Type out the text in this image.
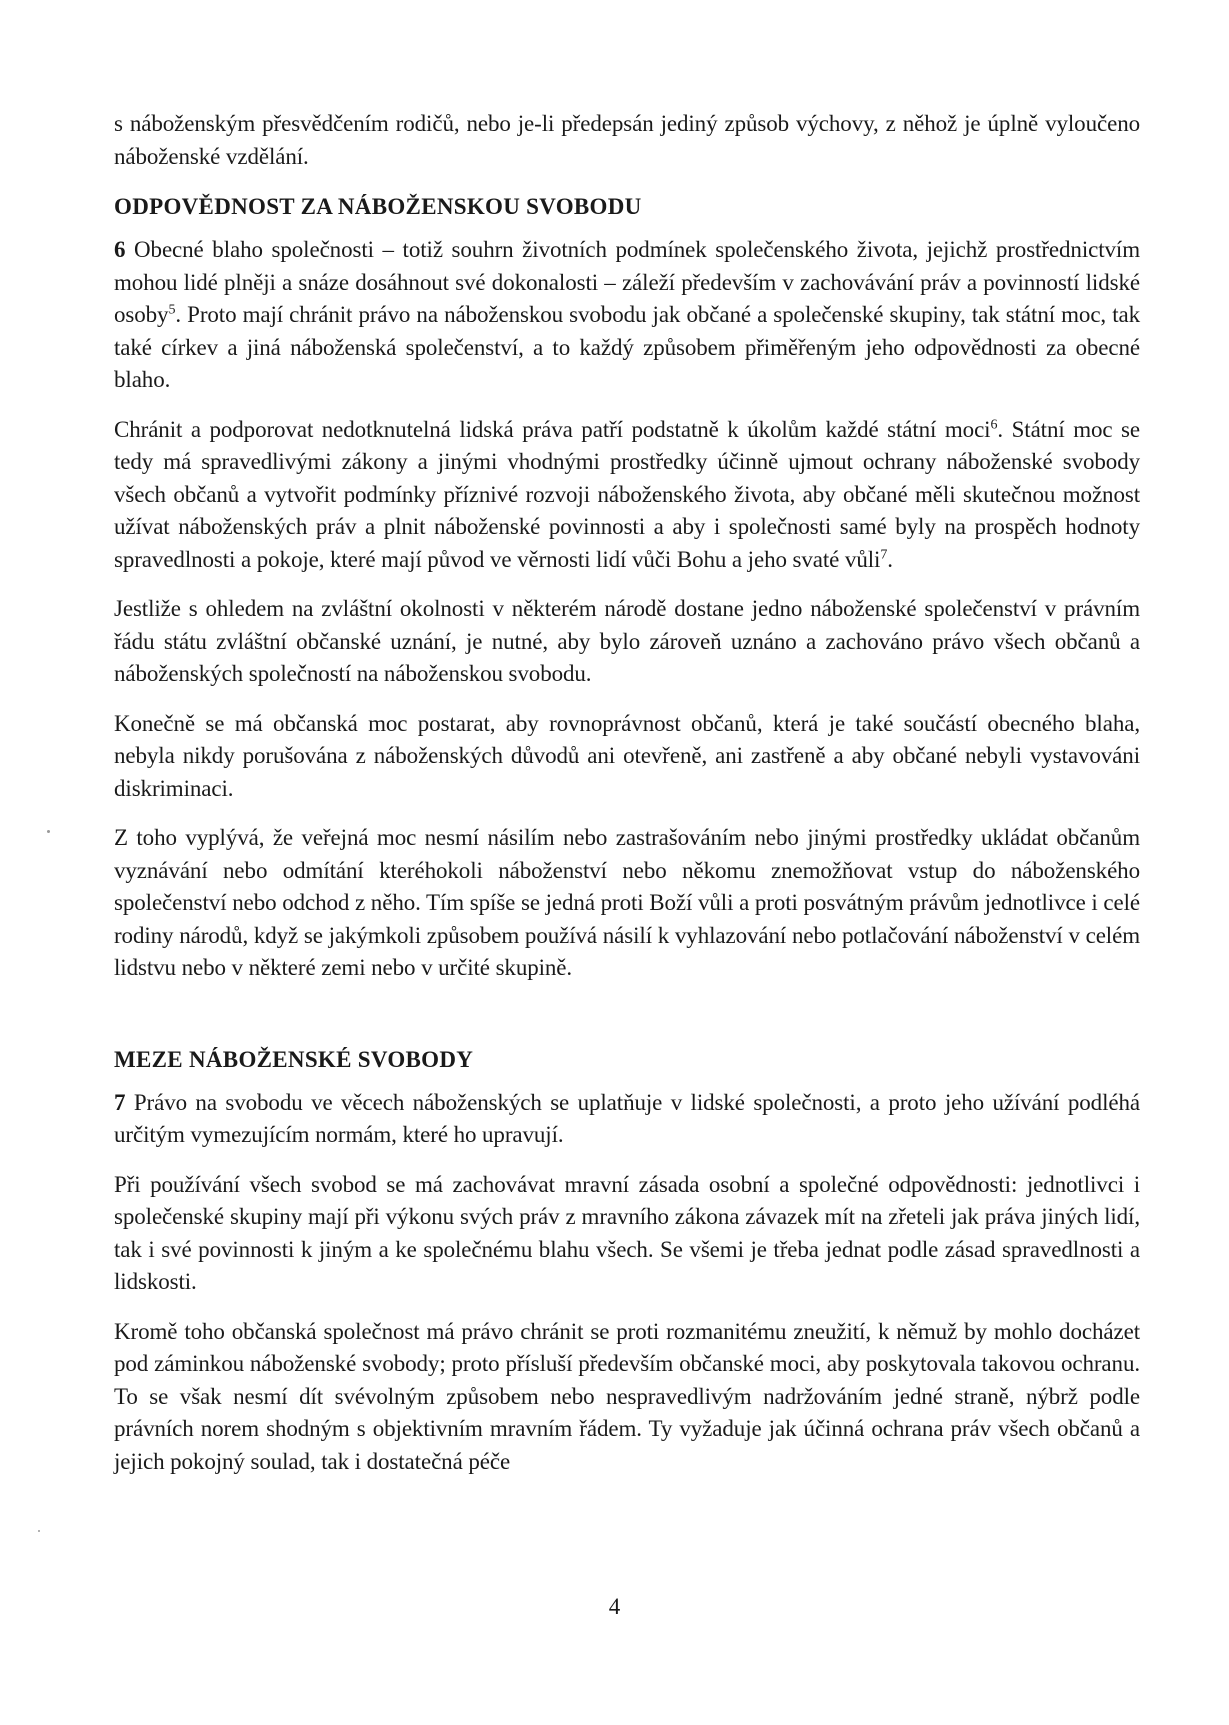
s náboženským přesvědčením rodičů, nebo je-li předepsán jediný způsob výchovy, z něhož je úplně vyloučeno náboženské vzdělání.

ODPOVĚDNOST ZA NÁBOŽENSKOU SVOBODU

6 Obecné blaho společnosti – totiž souhrn životních podmínek společenského života, jejichž prostřednictvím mohou lidé plněji a snáze dosáhnout své dokonalosti – záleží především v zachovávání práv a povinností lidské osoby$^5$. Proto mají chránit právo na náboženskou svobodu jak občané a společenské skupiny, tak státní moc, tak také církev a jiná náboženská společenství, a to každý způsobem přiměřeným jeho odpovědnosti za obecné blaho.

Chránit a podporovat nedotknutelná lidská práva patří podstatně k úkolům každé státní moci$^6$. Státní moc se tedy má spravedlivými zákony a jinými vhodnými prostředky účinně ujmout ochrany náboženské svobody všech občanů a vytvořit podmínky příznivé rozvoji náboženského života, aby občané měli skutečnou možnost užívat náboženských práv a plnit náboženské povinnosti a aby i společnosti samé byly na prospěch hodnoty spravedlnosti a pokoje, které mají původ ve věrnosti lidí vůči Bohu a jeho svaté vůli$^7$.

Jestliže s ohledem na zvláštní okolnosti v některém národě dostane jedno náboženské společenství v právním řádu státu zvláštní občanské uznání, je nutné, aby bylo zároveň uznáno a zachováno právo všech občanů a náboženských společností na náboženskou svobodu.

Konečně se má občanská moc postarat, aby rovnoprávnost občanů, která je také součástí obecného blaha, nebyla nikdy porušována z náboženských důvodů ani otevřeně, ani zastřeně a aby občané nebyli vystavováni diskriminaci.

Z toho vyplývá, že veřejná moc nesmí násilím nebo zastrašováním nebo jinými prostředky ukládat občanům vyznávání nebo odmítání kteréhokoli náboženství nebo někomu znemožňovat vstup do náboženského společenství nebo odchod z něho. Tím spíše se jedná proti Boží vůli a proti posvátným právům jednotlivce i celé rodiny národů, když se jakýmkoli způsobem používá násilí k vyhlazování nebo potlačování náboženství v celém lidstvu nebo v některé zemi nebo v určité skupině.

MEZE NÁBOŽENSKÉ SVOBODY

7 Právo na svobodu ve věcech náboženských se uplatňuje v lidské společnosti, a proto jeho užívání podléhá určitým vymezujícím normám, které ho upravují.

Při používání všech svobod se má zachovávat mravní zásada osobní a společné odpovědnosti: jednotlivci i společenské skupiny mají při výkonu svých práv z mravního zákona závazek mít na zřeteli jak práva jiných lidí, tak i své povinnosti k jiným a ke společnému blahu všech. Se všemi je třeba jednat podle zásad spravedlnosti a lidskosti.

Kromě toho občanská společnost má právo chránit se proti rozmanitému zneužití, k němuž by mohlo docházet pod záminkou náboženské svobody; proto přísluší především občanské moci, aby poskytovala takovou ochranu. To se však nesmí dít svévolným způsobem nebo nespravedlivým nadržováním jedné straně, nýbrž podle právních norem shodným s objektivním mravním řádem. Ty vyžaduje jak účinná ochrana práv všech občanů a jejich pokojný soulad, tak i dostatečná péče

4
